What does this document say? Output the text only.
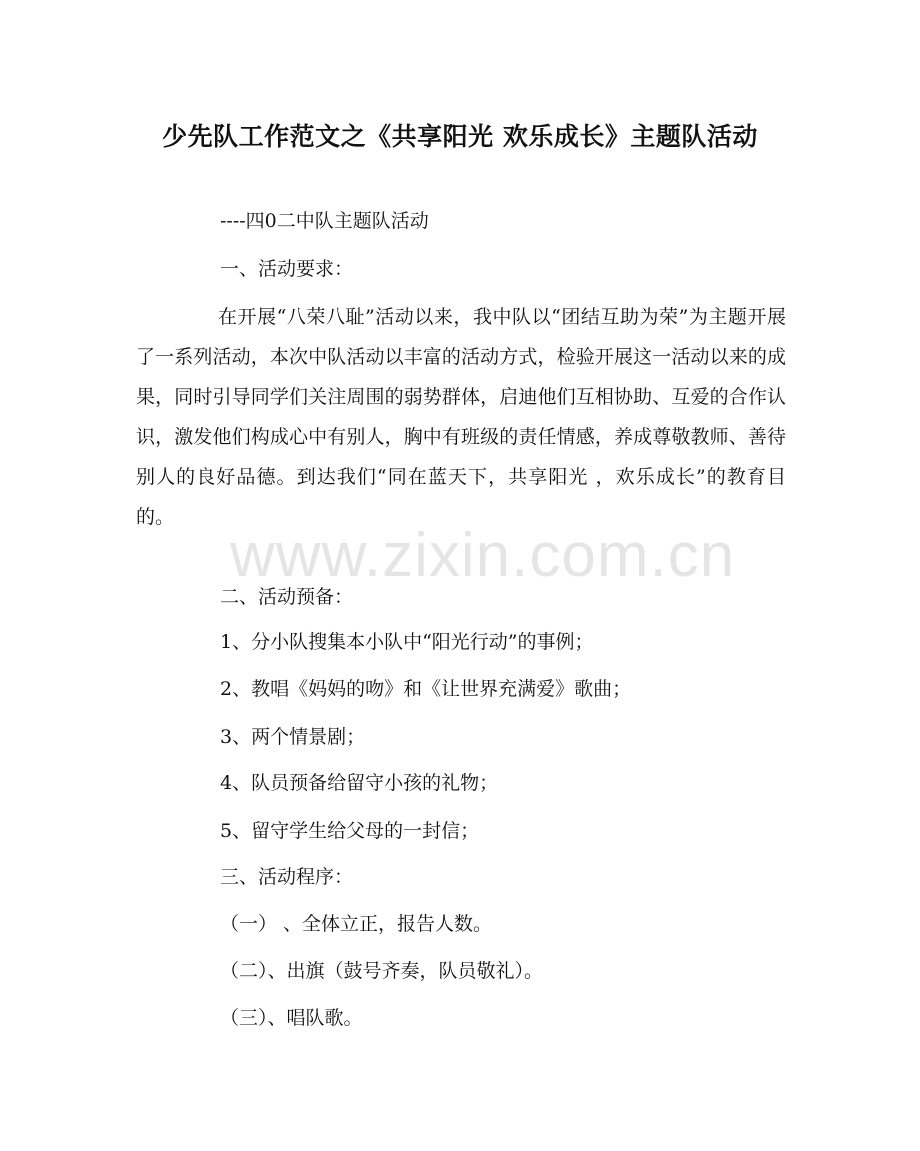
少先队工作范文之《共享阳光 欢乐成长》主题队活动
----四0二中队主题队活动
一、活动要求：
在开展“八荣八耻”活动以来，我中队以“团结互助为荣”为主题开展了一系列活动，本次中队活动以丰富的活动方式，检验开展这一活动以来的成果，同时引导同学们关注周围的弱势群体，启迪他们互相协助、互爱的合作认识，激发他们构成心中有别人，胸中有班级的责任情感，养成尊敬教师、善待别人的良好品德。到达我们“同在蓝天下，共享阳光 ，欢乐成长”的教育目的。
二、活动预备：
1、分小队搜集本小队中“阳光行动”的事例；
2、教唱《妈妈的吻》和《让世界充满爱》歌曲；
3、两个情景剧；
4、队员预备给留守小孩的礼物；
5、留守学生给父母的一封信；
三、活动程序：
（一） 、全体立正，报告人数。
（二）、出旗（鼓号齐奏，队员敬礼）。
（三）、唱队歌。
www.zixin.com.cn
